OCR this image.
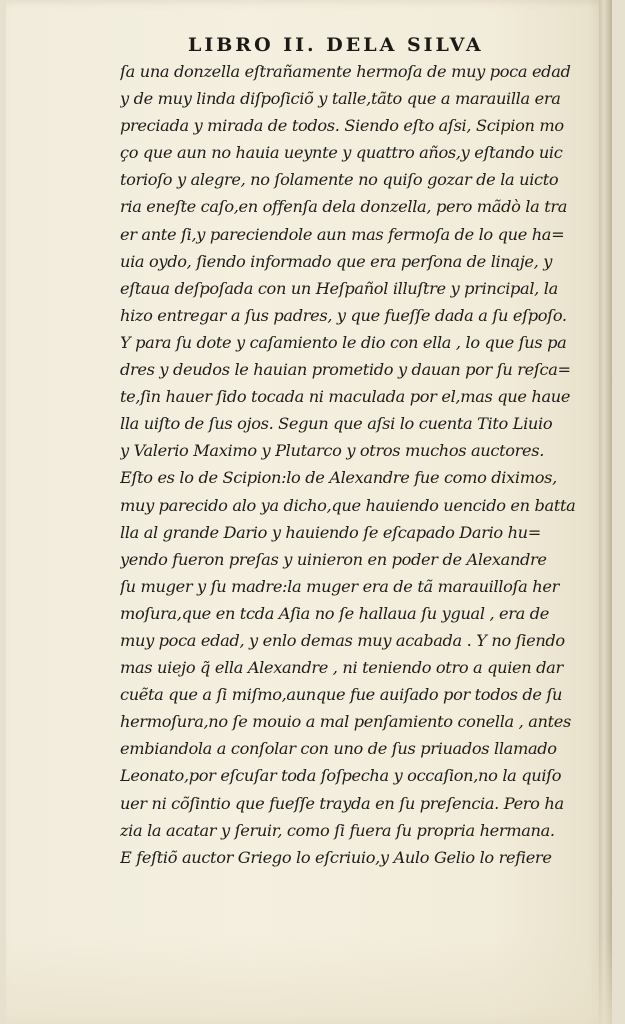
LIBRO II. DELA SILVA
ſa una donzella eſtrañamente hermoſa de muy poca edad
y de muy linda diſpoſiciõ y talle,tãto que a marauilla era
preciada y mirada de todos. Siendo eſto aſsi, Scipion mo
ço que aun no hauia ueynte y quattro años,y eſtando uic
torioſo y alegre, no ſolamente no quiſo gozar de la uicto
ria eneſte caſo,en offenſa dela donzella, pero mãdò la tra
er ante ſi,y pareciendole aun mas fermoſa de lo que ha=
uia oydo, ſiendo informado que era perſona de linaje, y
eſtaua deſpoſada con un Heſpañol illuſtre y principal, la
hizo entregar a ſus padres, y que fueſſe dada a ſu eſpoſo.
Y para ſu dote y caſamiento le dio con ella , lo que ſus pa
dres y deudos le hauian prometido y dauan por ſu reſca=
te,ſin hauer ſido tocada ni maculada por el,mas que haue
lla uiſto de ſus ojos. Segun que aſsi lo cuenta Tito Liuio
y Valerio Maximo y Plutarco y otros muchos auctores.
Eſto es lo de Scipion:lo de Alexandre fue como diximos,
muy parecido alo ya dicho,que hauiendo uencido en batta
lla al grande Dario y hauiendo ſe eſcapado Dario hu=
yendo fueron preſas y uinieron en poder de Alexandre
ſu muger y ſu madre:la muger era de tã marauilloſa her
moſura,que en tcda Aſia no ſe hallaua ſu ygual , era de
muy poca edad, y enlo demas muy acabada . Y no ſiendo
mas uiejo q̃ ella Alexandre , ni teniendo otro a quien dar
cuẽta que a ſi miſmo,aunque fue auiſado por todos de ſu
hermoſura,no ſe mouio a mal penſamiento conella , antes
embiandola a conſolar con uno de ſus priuados llamado
Leonato,por eſcuſar toda ſoſpecha y occaſion,no la quiſo
uer ni cõſintio que fueſſe trayda en ſu preſencia. Pero ha
zia la acatar y ſeruir, como ſi fuera ſu propria hermana.
E feſtiõ auctor Griego lo eſcriuio,y Aulo Gelio lo refiere
